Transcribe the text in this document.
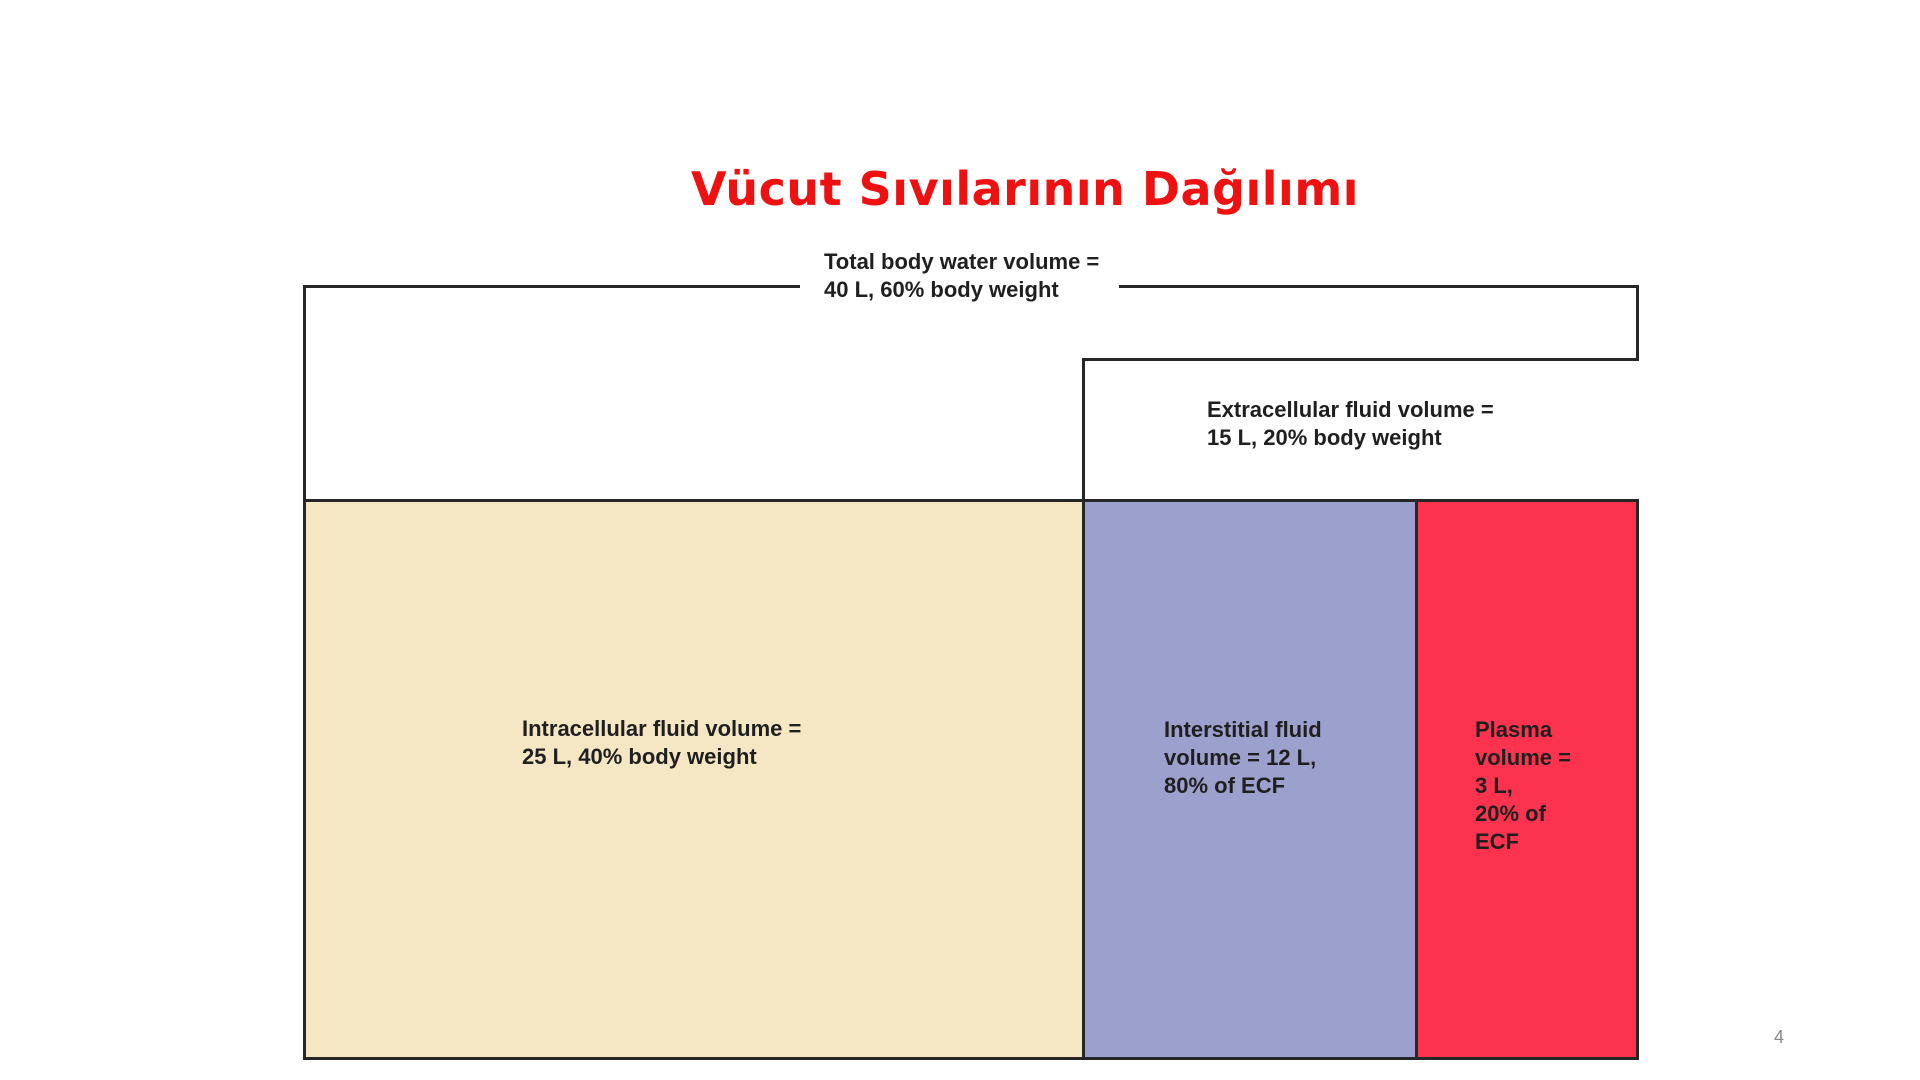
Vücut Sıvılarının Dağılımı
Total body water volume =
40 L, 60% body weight
Extracellular fluid volume =
15 L, 20% body weight
Intracellular fluid volume =
25 L, 40% body weight
Interstitial fluid
volume = 12 L,
80% of ECF
Plasma
volume =
3 L,
20% of
ECF
4
